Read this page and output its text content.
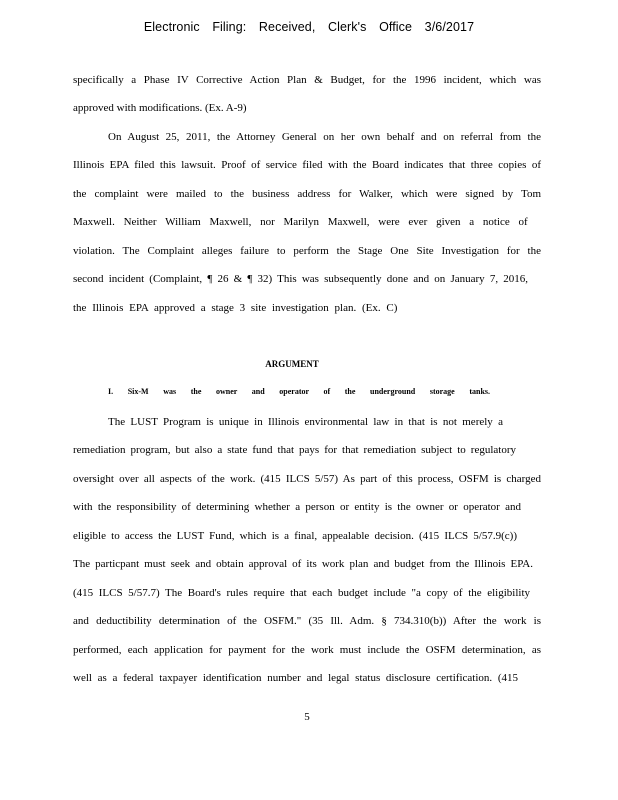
Electronic Filing: Received, Clerk's Office 3/6/2017
specifically a Phase IV Corrective Action Plan & Budget, for the 1996 incident, which was
approved with modifications. (Ex. A-9)
On August 25, 2011, the Attorney General on her own behalf and on referral from the
Illinois EPA filed this lawsuit. Proof of service filed with the Board indicates that three copies of
the complaint were mailed to the business address for Walker, which were signed by Tom
Maxwell. Neither William Maxwell, nor Marilyn Maxwell, were ever given a notice of
violation. The Complaint alleges failure to perform the Stage One Site Investigation for the
second incident (Complaint, ¶ 26 & ¶ 32) This was subsequently done and on January 7, 2016,
the Illinois EPA approved a stage 3 site investigation plan. (Ex. C)
ARGUMENT
I. Six-M was the owner and operator of the underground storage tanks.
The LUST Program is unique in Illinois environmental law in that is not merely a
remediation program, but also a state fund that pays for that remediation subject to regulatory
oversight over all aspects of the work. (415 ILCS 5/57) As part of this process, OSFM is charged
with the responsibility of determining whether a person or entity is the owner or operator and
eligible to access the LUST Fund, which is a final, appealable decision. (415 ILCS 5/57.9(c))
The particpant must seek and obtain approval of its work plan and budget from the Illinois EPA.
(415 ILCS 5/57.7) The Board's rules require that each budget include "a copy of the eligibility
and deductibility determination of the OSFM." (35 Ill. Adm. § 734.310(b)) After the work is
performed, each application for payment for the work must include the OSFM determination, as
well as a federal taxpayer identification number and legal status disclosure certification. (415
5
